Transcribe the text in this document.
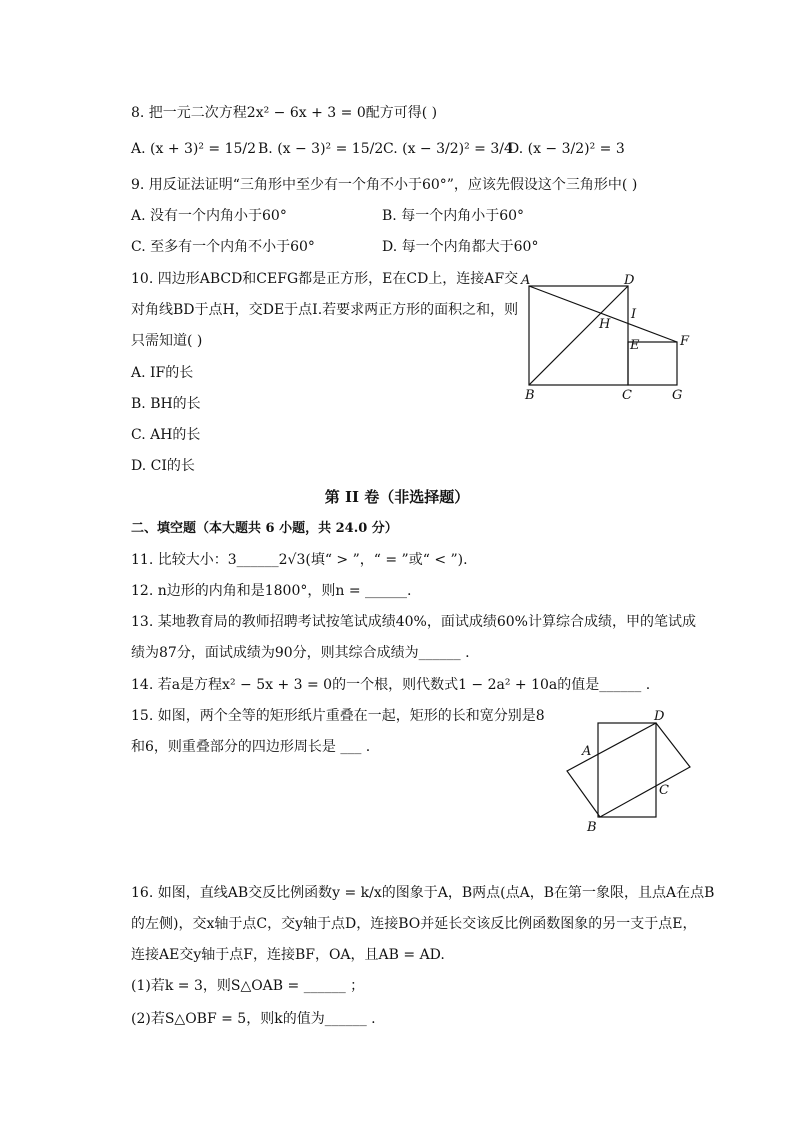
8. 把一元二次方程2x² − 6x + 3 = 0配方可得( )
A. (x + 3)² = 15/2 B. (x − 3)² = 15/2 C. (x − 3/2)² = 3/4
D. (x − 3/2)² = 3
9. 用反证法证明“三角形中至少有一个角不小于60°”，应该先假设这个三角形中( )
A. 没有一个内角小于60°	B. 每一个内角小于60°
C. 至多有一个内角不小于60°	D. 每一个内角都大于60°
10. 四边形ABCD和CEFG都是正方形，E在CD上，连接AF交
对角线BD于点H，交DE于点I.若要求两正方形的面积之和，则
只需知道( )
A. IF的长
B. BH的长
C. AH的长
D. CI的长
A	D
I
H
E	F
B	C	G
第 II 卷（非选择题）
二、填空题（本大题共 6 小题，共 24.0 分）
11. 比较大小：3______2√3(填“ > ”，“ = ”或“ < ”).
12. n边形的内角和是1800°，则n = ______.
13. 某地教育局的教师招聘考试按笔试成绩40%，面试成绩60%计算综合成绩，甲的笔试成
绩为87分，面试成绩为90分，则其综合成绩为______ .
14. 若a是方程x² − 5x + 3 = 0的一个根，则代数式1 − 2a² + 10a的值是______ .
15. 如图，两个全等的矩形纸片重叠在一起，矩形的长和宽分别是8
和6，则重叠部分的四边形周长是 ___ .
D
A
C
B
16. 如图，直线AB交反比例函数y = k/x的图象于A，B两点(点A，B在第一象限，且点A在点B
的左侧)，交x轴于点C，交y轴于点D，连接BO并延长交该反比例函数图象的另一支于点E，
连接AE交y轴于点F，连接BF，OA，且AB = AD.
(1)若k = 3，则S△OAB = ______ ；
(2)若S△OBF = 5，则k的值为______ .
